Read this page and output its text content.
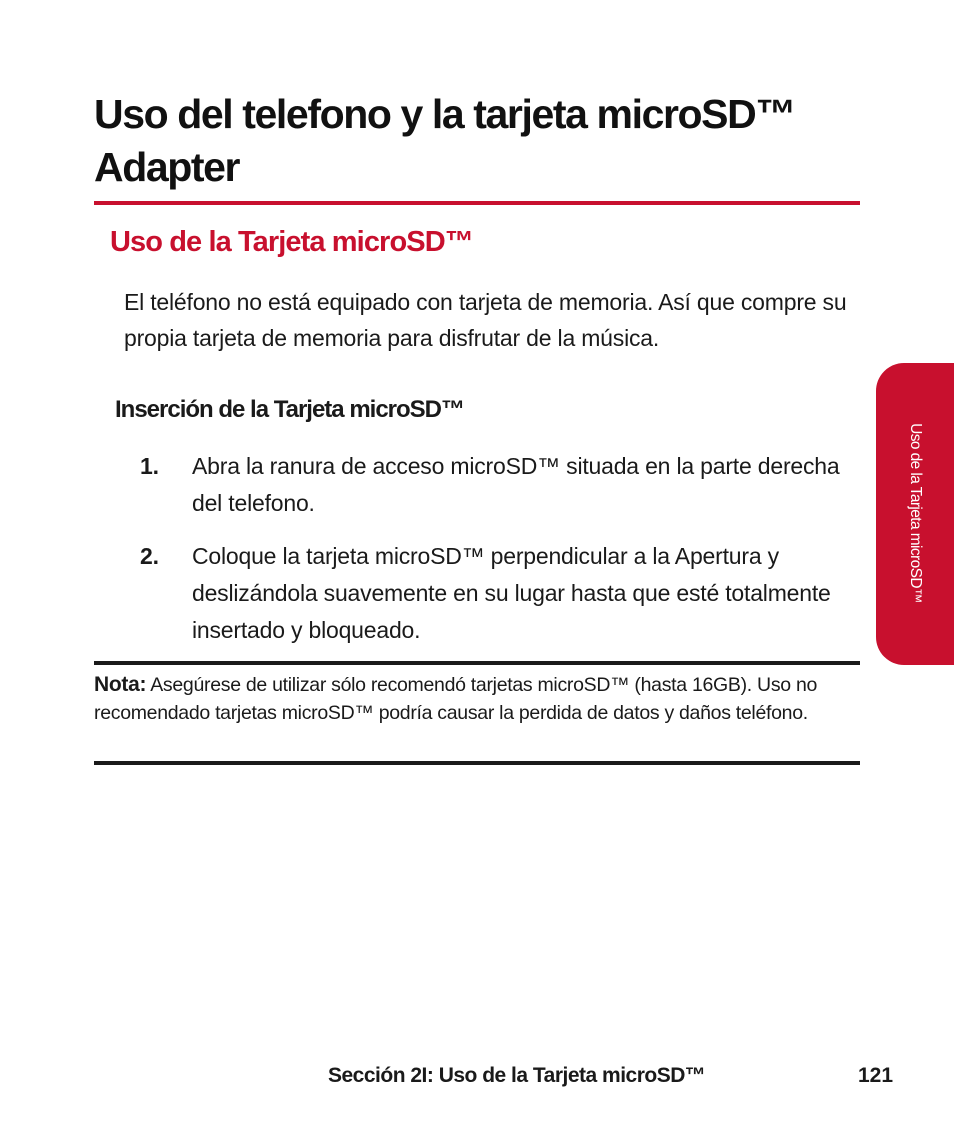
Uso del telefono y la tarjeta microSD™ Adapter
Uso de la Tarjeta microSD™

El teléfono no está equipado con tarjeta de memoria. Así que compre su propia tarjeta de memoria para disfrutar de la música.

Inserción de la Tarjeta microSD™
1.	Abra la ranura de acceso microSD™ situada en la parte derecha del telefono.
2.	Coloque la tarjeta microSD™ perpendicular a la Apertura y deslizándola suavemente en su lugar hasta que esté totalmente insertado y bloqueado.

Nota: Asegúrese de utilizar sólo recomendó tarjetas microSD™ (hasta 16GB). Uso no recomendado tarjetas microSD™ podría causar la perdida de datos y daños teléfono.

Uso de la Tarjeta microSD™
Sección 2I: Uso de la Tarjeta microSD™	121
